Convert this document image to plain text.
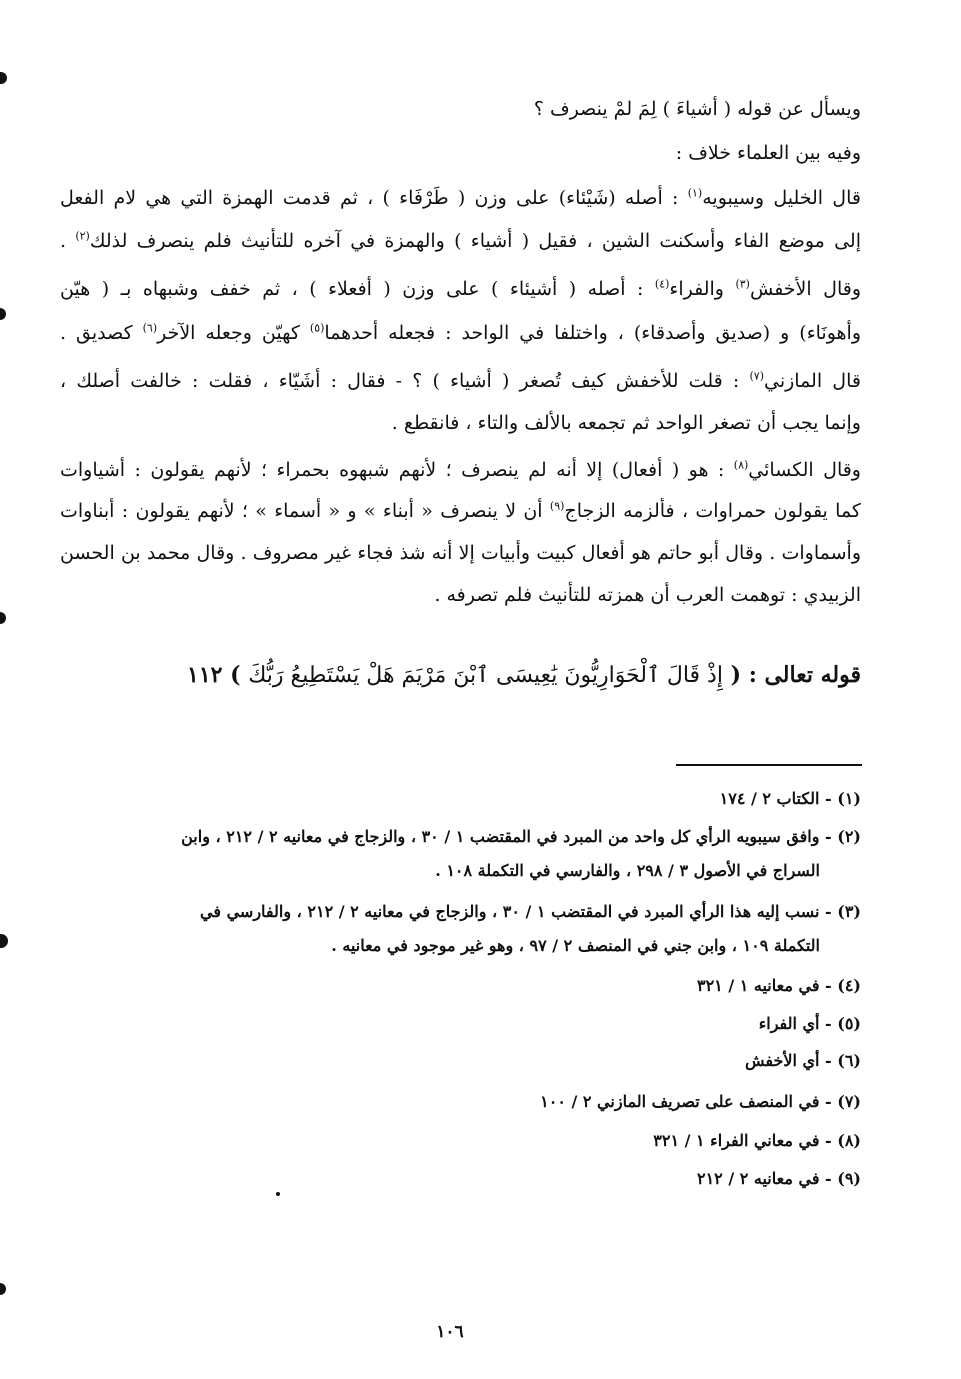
ويسأل عن قوله ( أشياءَ ) لِمَ لمْ ينصرف ؟
وفيه بين العلماء خلاف :
قال الخليل وسيبويه$^{(١)}$ : أصله (شَيْئاء) على وزن ( طَرْفَاء ) ، ثم قدمت الهمزة التي هي لام الفعل
إلى موضع الفاء وأسكنت الشين ، فقيل ( أشياء ) والهمزة في آخره للتأنيث فلم ينصرف لذلك$^{(٢)}$ .
وقال الأخفش$^{(٣)}$ والفراء$^{(٤)}$ : أصله ( أشيئاء ) على وزن ( أفعلاء ) ، ثم خفف وشبهاه بـ ( هيّن
وأهونَاء) و (صديق وأصدقاء) ، واختلفا في الواحد : فجعله أحدهما$^{(٥)}$ كهيّن وجعله الآخر$^{(٦)}$ كصديق .
قال المازني$^{(٧)}$ : قلت للأخفش كيف تُصغر ( أشياء ) ؟ - فقال : أُشَيّاء ، فقلت : خالفت أصلك ،
وإنما يجب أن تصغر الواحد ثم تجمعه بالألف والتاء ، فانقطع .
وقال الكسائي$^{(٨)}$ : هو ( أفعال) إلا أنه لم ينصرف ؛ لأنهم شبهوه بحمراء ؛ لأنهم يقولون : أشياوات
كما يقولون حمراوات ، فألزمه الزجاج$^{(٩)}$ أن لا ينصرف « أبناء » و « أسماء » ؛ لأنهم يقولون : أبناوات
وأسماوات . وقال أبو حاتم هو أفعال كبيت وأبيات إلا أنه شذ فجاء غير مصروف . وقال محمد بن الحسن
الزبيدي : توهمت العرب أن همزته للتأنيث فلم تصرفه .
قوله تعالى : ( إِذْ قَالَ ٱلْحَوَارِيُّونَ يَٰعِيسَى ٱبْنَ مَرْيَمَ هَلْ يَسْتَطِيعُ رَبُّكَ ) ١١٢
(١) - الكتاب ٢ / ١٧٤
(٢) - وافق سيبويه الرأي كل واحد من المبرد في المقتضب ١ / ٣٠ ، والزجاج في معانيه ٢ / ٢١٢ ، وابن
السراج في الأصول ٣ / ٢٩٨ ، والفارسي في التكملة ١٠٨ .
(٣) - نسب إليه هذا الرأي المبرد في المقتضب ١ / ٣٠ ، والزجاج في معانيه ٢ / ٢١٢ ، والفارسي في
التكملة ١٠٩ ، وابن جني في المنصف ٢ / ٩٧ ، وهو غير موجود في معانيه .
(٤) - في معانيه ١ / ٣٢١
(٥) - أي الفراء
(٦) - أي الأخفش
(٧) - في المنصف على تصريف المازني ٢ / ١٠٠
(٨) - في معاني الفراء ١ / ٣٢١
(٩) - في معانيه ٢ / ٢١٢
١٠٦
